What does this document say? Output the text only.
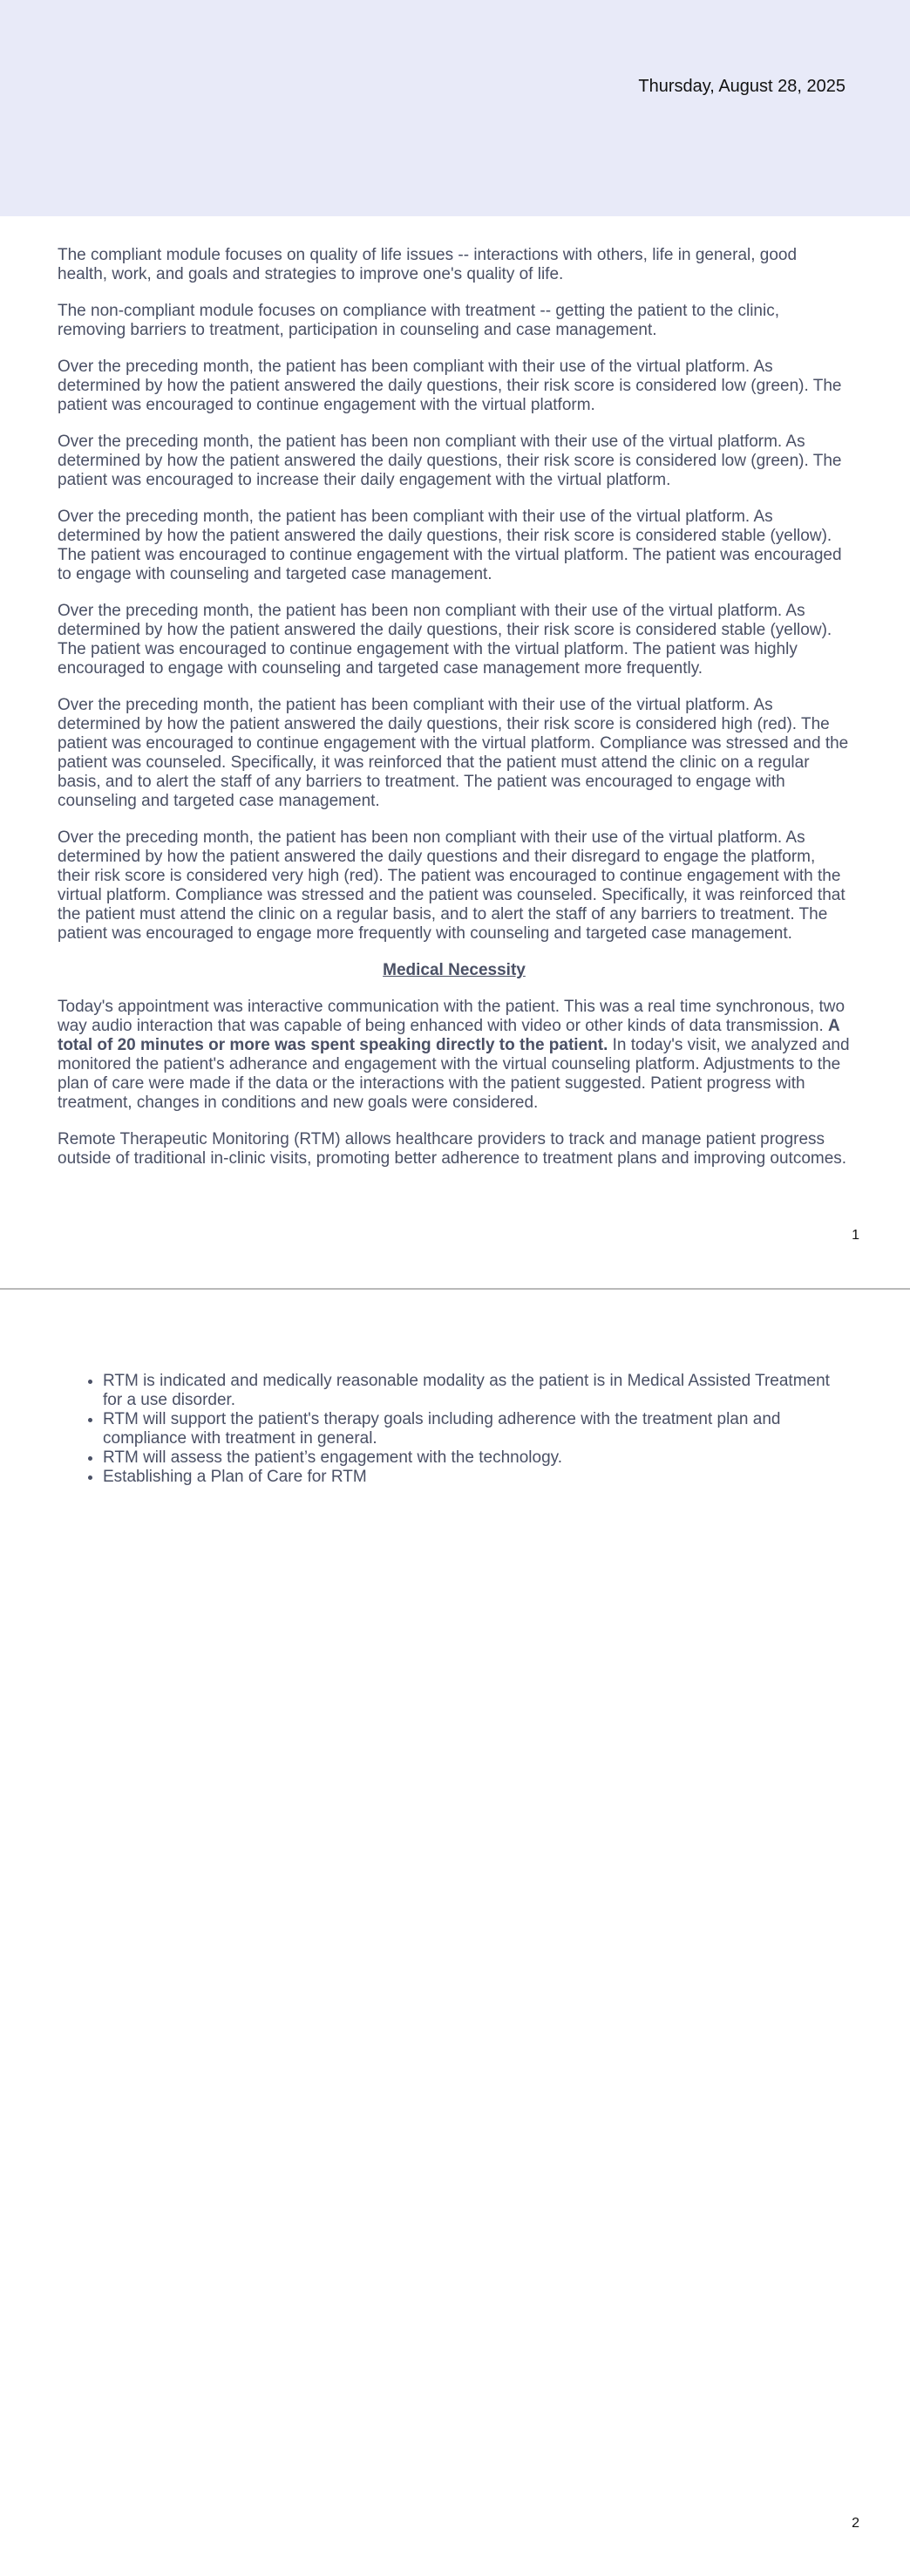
Thursday, August 28, 2025

The compliant module focuses on quality of life issues -- interactions with others, life in general, good health, work, and goals and strategies to improve one's quality of life.

The non-compliant module focuses on compliance with treatment -- getting the patient to the clinic, removing barriers to treatment, participation in counseling and case management.

Over the preceding month, the patient has been compliant with their use of the virtual platform. As determined by how the patient answered the daily questions, their risk score is considered low (green). The patient was encouraged to continue engagement with the virtual platform.

Over the preceding month, the patient has been non compliant with their use of the virtual platform. As determined by how the patient answered the daily questions, their risk score is considered low (green). The patient was encouraged to increase their daily engagement with the virtual platform.

Over the preceding month, the patient has been compliant with their use of the virtual platform. As determined by how the patient answered the daily questions, their risk score is considered stable (yellow). The patient was encouraged to continue engagement with the virtual platform. The patient was encouraged to engage with counseling and targeted case management.

Over the preceding month, the patient has been non compliant with their use of the virtual platform. As determined by how the patient answered the daily questions, their risk score is considered stable (yellow). The patient was encouraged to continue engagement with the virtual platform. The patient was highly encouraged to engage with counseling and targeted case management more frequently.

Over the preceding month, the patient has been compliant with their use of the virtual platform. As determined by how the patient answered the daily questions, their risk score is considered high (red). The patient was encouraged to continue engagement with the virtual platform. Compliance was stressed and the patient was counseled. Specifically, it was reinforced that the patient must attend the clinic on a regular basis, and to alert the staff of any barriers to treatment. The patient was encouraged to engage with counseling and targeted case management.

Over the preceding month, the patient has been non compliant with their use of the virtual platform. As determined by how the patient answered the daily questions and their disregard to engage the platform, their risk score is considered very high (red). The patient was encouraged to continue engagement with the virtual platform. Compliance was stressed and the patient was counseled. Specifically, it was reinforced that the patient must attend the clinic on a regular basis, and to alert the staff of any barriers to treatment. The patient was encouraged to engage more frequently with counseling and targeted case management.

Medical Necessity

Today's appointment was interactive communication with the patient. This was a real time synchronous, two way audio interaction that was capable of being enhanced with video or other kinds of data transmission. A total of 20 minutes or more was spent speaking directly to the patient. In today's visit, we analyzed and monitored the patient's adherance and engagement with the virtual counseling platform. Adjustments to the plan of care were made if the data or the interactions with the patient suggested. Patient progress with treatment, changes in conditions and new goals were considered.

Remote Therapeutic Monitoring (RTM) allows healthcare providers to track and manage patient progress outside of traditional in-clinic visits, promoting better adherence to treatment plans and improving outcomes.

1
• RTM is indicated and medically reasonable modality as the patient is in Medical Assisted Treatment for a use disorder.
• RTM will support the patient's therapy goals including adherence with the treatment plan and compliance with treatment in general.
• RTM will assess the patient’s engagement with the technology.
• Establishing a Plan of Care for RTM
2
